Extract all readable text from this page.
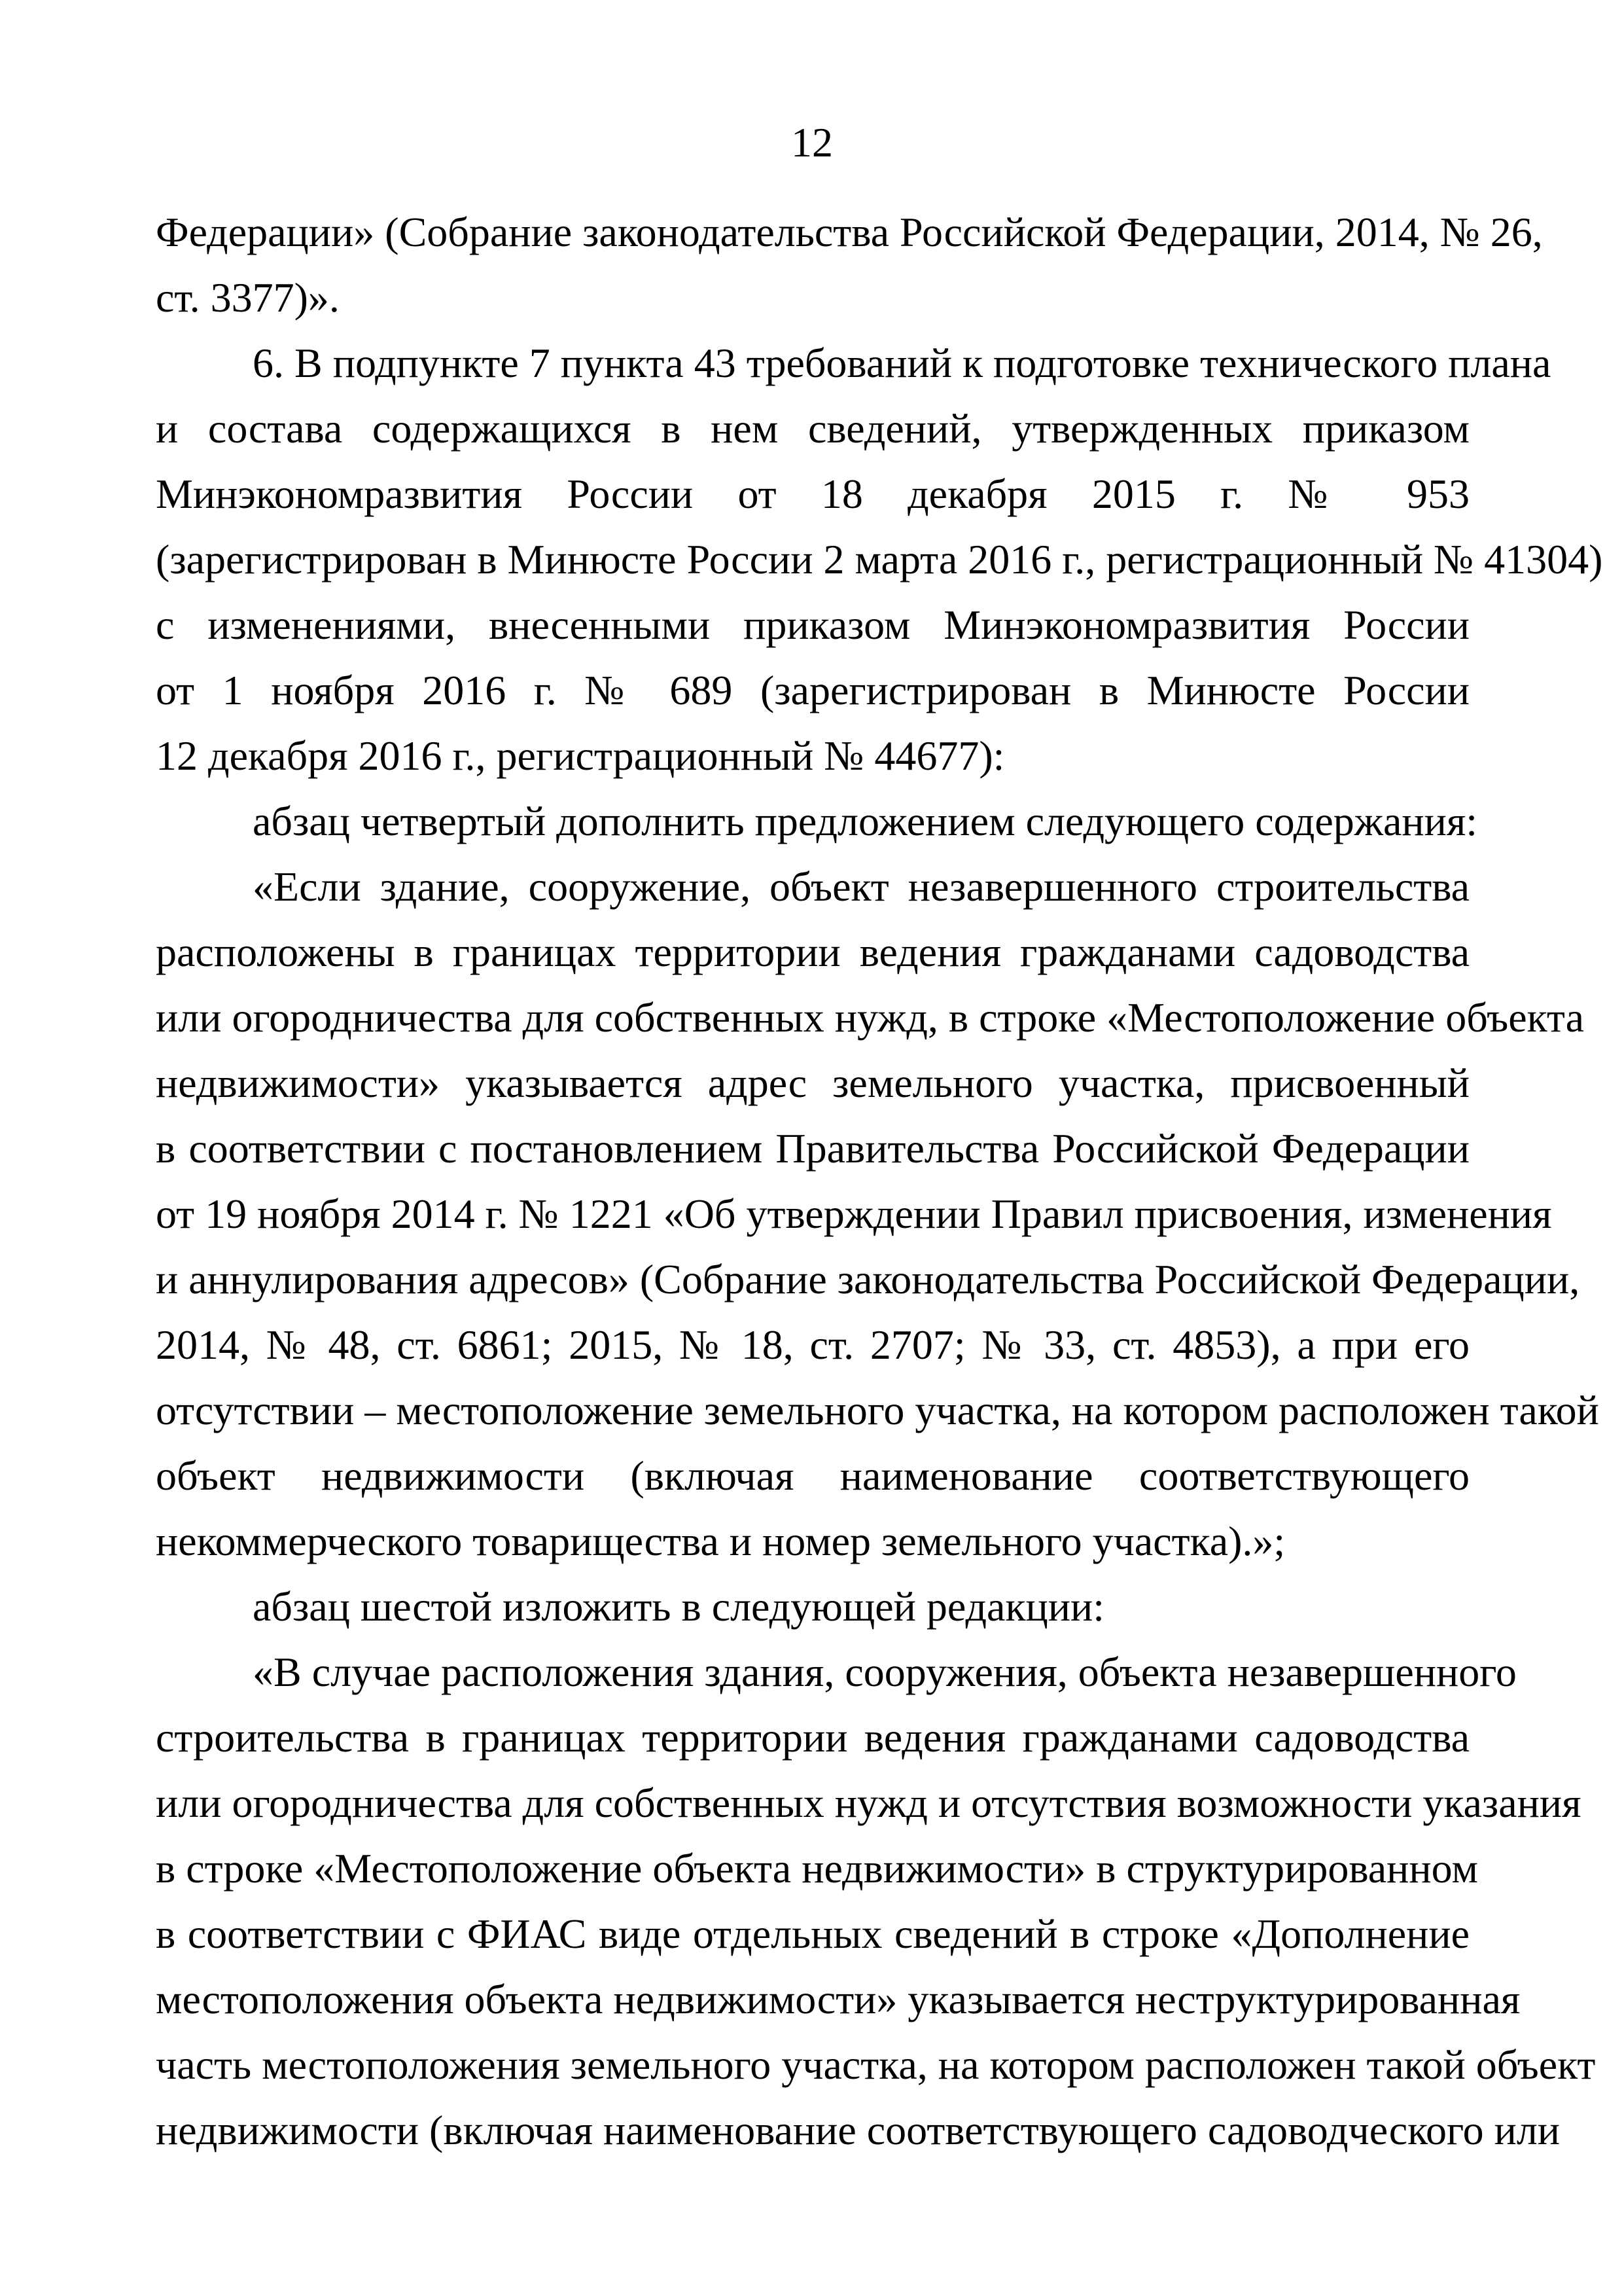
12
Федерации» (Собрание законодательства Российской Федерации, 2014, № 26,
ст. 3377)».
6. В подпункте 7 пункта 43 требований к подготовке технического плана
и состава содержащихся в нем сведений, утвержденных приказом
Минэкономразвития России от 18 декабря 2015 г. № 953
(зарегистрирован в Минюсте России 2 марта 2016 г., регистрационный № 41304)
с изменениями, внесенными приказом Минэкономразвития России
от 1 ноября 2016 г. № 689 (зарегистрирован в Минюсте России
12 декабря 2016 г., регистрационный № 44677):
абзац четвертый дополнить предложением следующего содержания:
«Если здание, сооружение, объект незавершенного строительства
расположены в границах территории ведения гражданами садоводства
или огородничества для собственных нужд, в строке «Местоположение объекта
недвижимости» указывается адрес земельного участка, присвоенный
в соответствии с постановлением Правительства Российской Федерации
от 19 ноября 2014 г. № 1221 «Об утверждении Правил присвоения, изменения
и аннулирования адресов» (Собрание законодательства Российской Федерации,
2014, № 48, ст. 6861; 2015, № 18, ст. 2707; № 33, ст. 4853), а при его
отсутствии – местоположение земельного участка, на котором расположен такой
объект недвижимости (включая наименование соответствующего
некоммерческого товарищества и номер земельного участка).»;
абзац шестой изложить в следующей редакции:
«В случае расположения здания, сооружения, объекта незавершенного
строительства в границах территории ведения гражданами садоводства
или огородничества для собственных нужд и отсутствия возможности указания
в строке «Местоположение объекта недвижимости» в структурированном
в соответствии с ФИАС виде отдельных сведений в строке «Дополнение
местоположения объекта недвижимости» указывается неструктурированная
часть местоположения земельного участка, на котором расположен такой объект
недвижимости (включая наименование соответствующего садоводческого или
